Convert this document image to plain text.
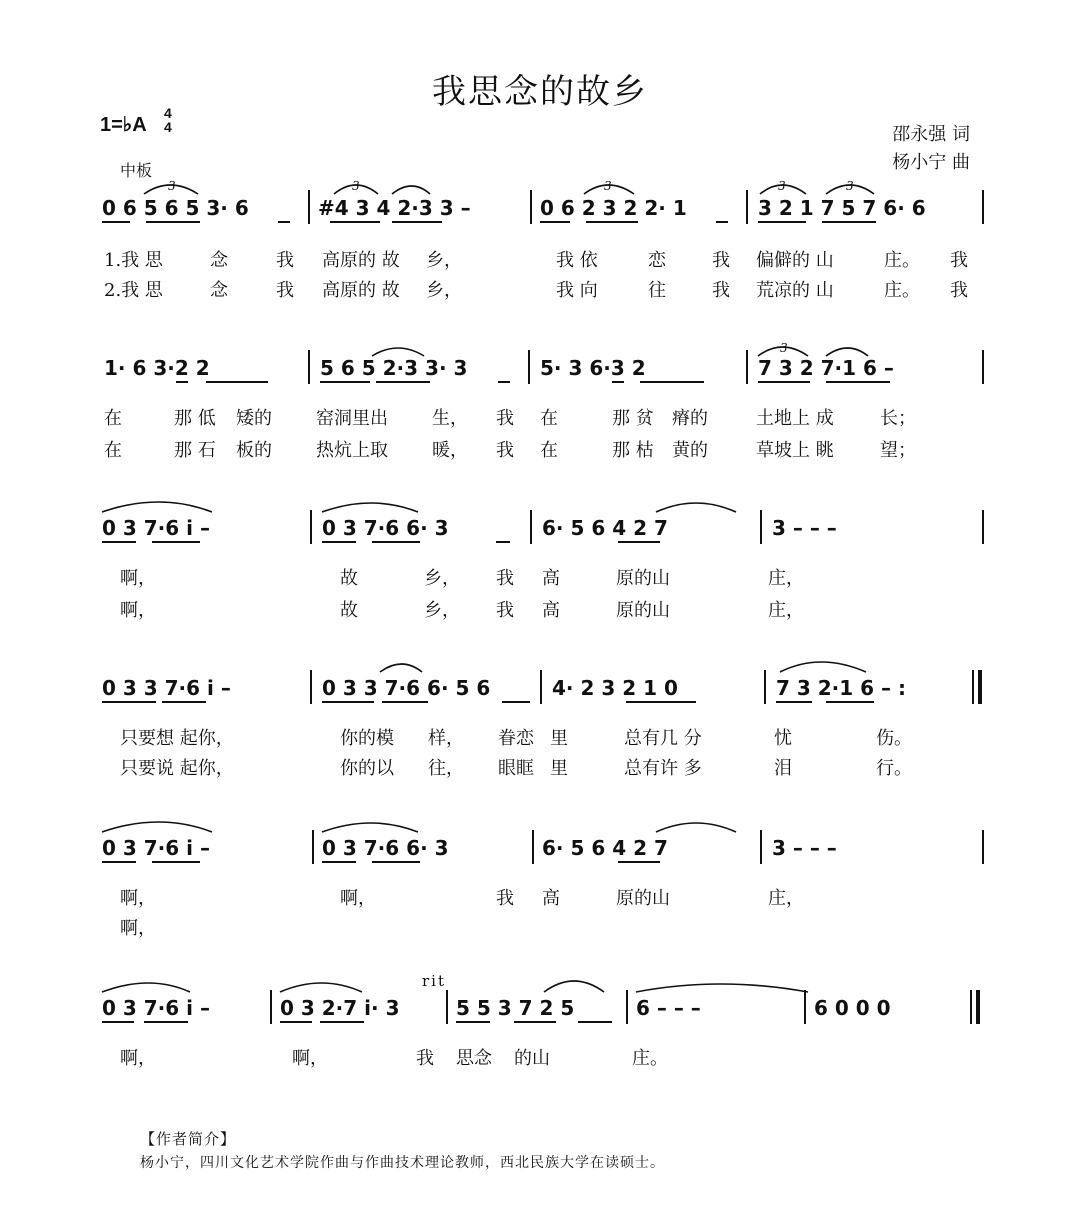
我思念的故乡
1=♭A
4
4
中板
邵永强 词
杨小宁 曲
0 6 5 6 5 3· 6	#4 3 4 2·3 3 –	0 6 2 3 2 2· 1	3 2 1 7 5 7 6· 6
1.我 思	念	我 高原的 故 乡，	我 依	恋	我 偏僻的 山	庄。 我
2.我 思	念	我 高原的 故 乡，	我 向	往	我 荒凉的 山	庄。 我
1· 6 3·2 2	5 6 5 2·3 3· 3	5· 3 6·3 2	7 3 2 7·1 6 –
在	那 低 矮的 窑洞里出 生， 我 在	那 贫 瘠的	土地上 成	长；
在	那 石 板的 热炕上取 暖， 我 在	那 枯 黄的	草坡上 眺	望；
0 3 7·6 i –	0 3 7·6 6· 3	6· 5 6 4 2 7	3 – – –
啊，	故	乡， 我 高	原的山	庄，
啊，	故	乡， 我 高	原的山	庄，
0 3 3 7·6 i –	0 3 3 7·6 6· 5 6	4· 2 3 2 1 0	7 3 2·1 6 – :
只要想 起你，	你的模 样， 眷恋 里	总有几 分	忧	伤。
只要说 起你，	你的以 往， 眼眶 里	总有许 多	泪	行。
0 3 7·6 i –	0 3 7·6 6· 3	6· 5 6 4 2 7	3 – – –
啊，	啊，	我 高	原的山	庄，
啊，
rit
0 3 7·6 i –	0 3 2·7 i· 3	5 5 3 7 2 5	6 – – –	6 0 0 0
啊，	啊，	我 思念 的山	庄。
3	3	3	3	3
3
【作者简介】
杨小宁，四川文化艺术学院作曲与作曲技术理论教师，西北民族大学在读硕士。
